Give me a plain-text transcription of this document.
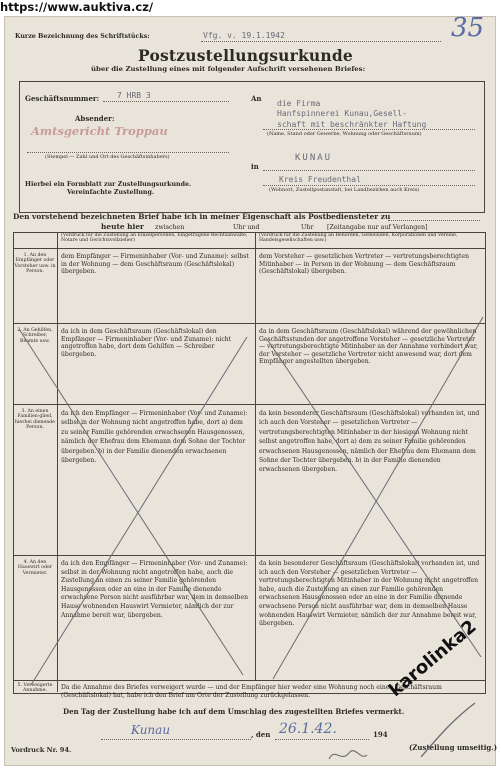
https://www.auktiva.cz/
35
Kurze Bezeichnung des Schriftstücks:	Vfg. v. 19.1.1942
Postzustellungsurkunde
über die Zustellung eines mit folgender Aufschrift versehenen Briefes:
Geschäftsnummer: 7 HRB 3
Absender:
Amtsgericht Troppau
(Stempel — Zahl und Ort des Geschäftsinhabers)
An
die Firma
Hanfspinnerei Kunau,Gesell-
schaft mit beschränkter Haftung
(Name, Stand oder Gewerbe, Wohnung oder Geschäftsraum)
in
KUNAU
Kreis Freudenthal
(Wohnort, Zustellpostanstalt, bei Landbezirken auch Kreis)
Hierbei ein Formblatt zur Zustellungsurkunde.
Vereinfachte Zustellung.
Den vorstehend bezeichneten Brief habe ich in meiner Eigenschaft als Postbediensteter zu
heute hier zwischen	Uhr und	Uhr [Zeitangabe nur auf Verlangen]
(Vordruck für die Zustellung an Einzelpersonen, Eingetragene Rechtsanwälte, Notare und Gerichtsvollzieher)
(Vordruck für die Zustellung an Behörden, Gemeinden, Korporationen und Vereine, Handelsgesellschaften usw.)
1. An den Empfänger oder Vorsteher usw. in Person.
dem Empfänger — Firmeninhaber (Vor- und Zuname): selbst in der Wohnung — dem Geschäftsraum (Geschäftslokal) übergeben.
dem Vorsteher — gesetzlichen Vertreter — vertretungsberechtigten Mitinhaber — in Person in der Wohnung — dem Geschäftsraum (Geschäftslokal) übergeben.
2. An Gehilfen, Schreiber, Beamte usw.
da ich in dem Geschäftsraum (Geschäftslokal) den Empfänger — Firmeninhaber (Vor- und Zuname): nicht angetroffen habe, dort dem Gehilfen — Schreiber übergeben.
da in dem Geschäftsraum (Geschäftslokal) während der gewöhnlichen Geschäftsstunden der angetroffene Vorsteher — gesetzliche Vertreter — vertretungsberechtigte Mitinhaber an der Annahme verhindert war, der Vorsteher — gesetzliche Vertreter nicht anwesend war, dort dem Empfänger angestellten übergeben.
3. An einen Familien-glied, hierbei dienende Person.
da ich den Empfänger — Firmeninhaber (Vor- und Zuname): selbst in der Wohnung nicht angetroffen habe, dort a) dem zu seiner Familie gehörenden erwachsenen Hausgenossen, nämlich der Ehefrau dem Ehemann dem Sohne der Tochter übergeben. b) in der Familie dienenden erwachsenen übergeben.
da kein besonderer Geschäftsraum (Geschäftslokal) vorhanden ist, und ich auch den Vorsteher — gesetzlichen Vertreter — vertretungsberechtigten Mitinhaber in der hiesigen Wohnung nicht selbst angetroffen habe, dort a) dem zu seiner Familie gehörenden erwachsenen Hausgenossen, nämlich der Ehefrau dem Ehemann dem Sohne der Tochter übergeben. b) in der Familie dienenden erwachsenen übergeben.
4. An den Hauswirt oder Vermieter.
da ich den Empfänger — Firmeninhaber (Vor- und Zuname): selbst in der Wohnung nicht angetroffen habe, auch die Zustellung an einen zu seiner Familie gehörenden Hausgenossen oder an eine in der Familie dienende erwachsene Person nicht ausführbar war, dem in demselben Hause wohnenden Hauswirt Vermieter, nämlich der zur Annahme bereit war, übergeben.
da kein besonderer Geschäftsraum (Geschäftslokal) vorhanden ist, und ich auch den Vorsteher — gesetzlichen Vertreter — vertretungsberechtigten Mitinhaber in der Wohnung nicht angetroffen habe, auch die Zustellung an einen zur Familie gehörenden erwachsenen Hausgenossen oder an eine in der Familie dienende erwachsene Person nicht ausführbar war, dem in demselben Hause wohnenden Hauswirt Vermieter, nämlich der zur Annahme bereit war, übergeben.
5. Verweigerte Annahme.	Da die Annahme des Briefes verweigert wurde — und der Empfänger hier weder eine Wohnung noch einen Geschäftsraum (Geschäftslokal) hat, habe ich den Brief am Orte der Zustellung zurückgelassen.
Den Tag der Zustellung habe ich auf dem Umschlag des zugestellten Briefes vermerkt.
Kunau	, den 26.1.42.	194
(Zustellung umseitig.)
Vordruck Nr. 94.
karolinka2
